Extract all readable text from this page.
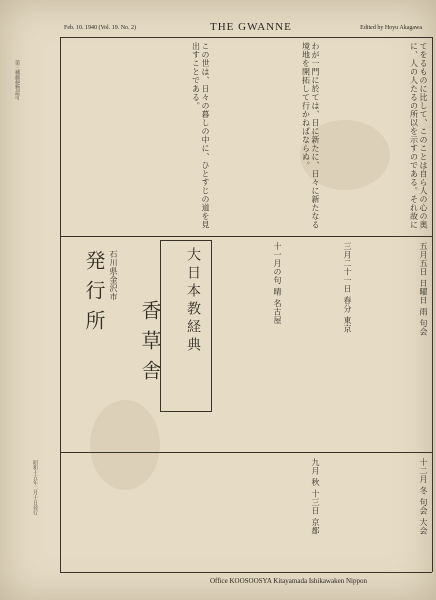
Feb. 10. 1940 (Vol. 19. No. 2)	THE GWANNE	Edited by Hoyu Akagawa
第三種郵便物認可
昭和十五年二月十日発行
てをるものに比して、このことは自ら人の心の奥に、人の人たるの所以を示すのである。それ故に
わが一門に於ては、日に新たに、日々に新たなる境地を開拓して行かねばならぬ。
この世は、日々の暮しの中に、ひとすじの道を見出すことである。
五月五日 日曜日 雨 句会
三月二十一日 春分 東京
十一月の句 晴 名古屋
大日本教経典
発行所 石川県金沢市
香草舎
十二月 冬 句会 大会
九月 秋 十三日 京都
Office KOOSOOSYA Kitayamada Ishikawaken Nippon
